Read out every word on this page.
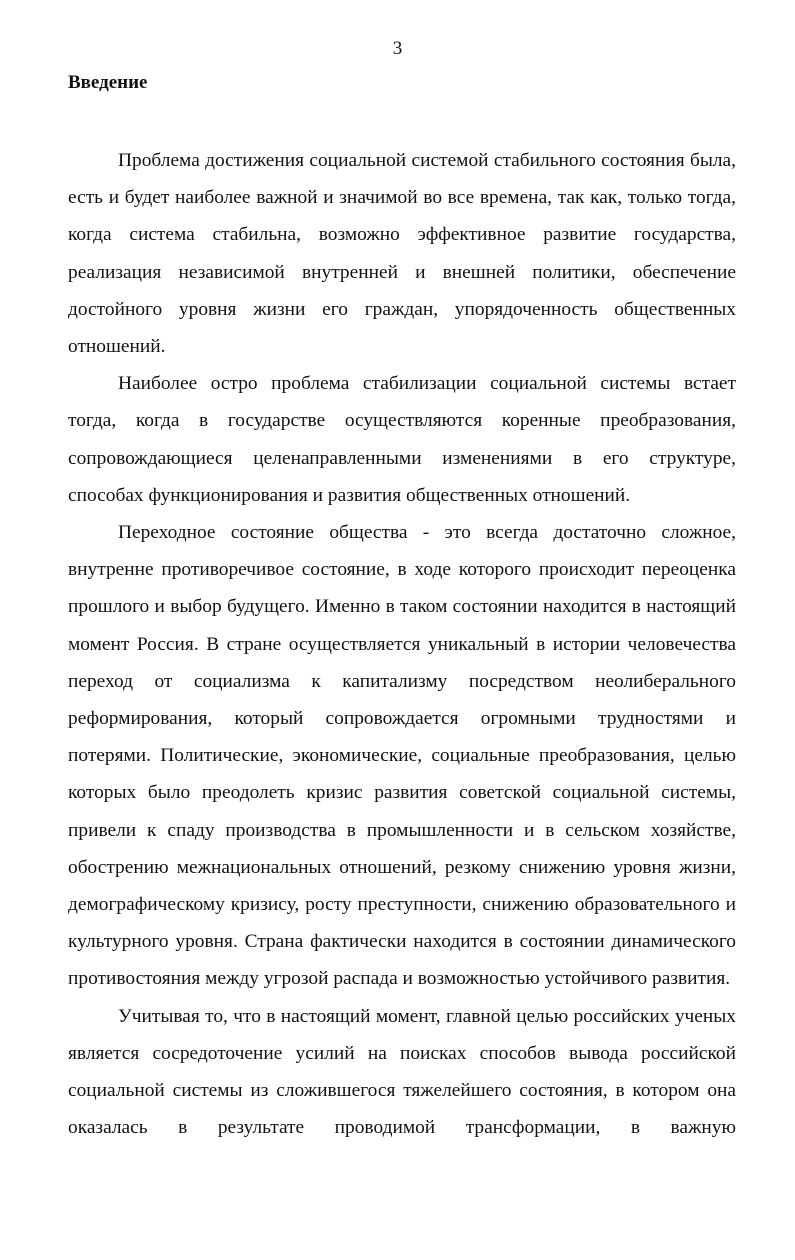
3
Введение

Проблема достижения социальной системой стабильного состояния была, есть и будет наиболее важной и значимой во все времена, так как, только тогда, когда система стабильна, возможно эффективное развитие государства, реализация независимой внутренней и внешней политики, обеспечение достойного уровня жизни его граждан, упорядоченность общественных отношений.

Наиболее остро проблема стабилизации социальной системы встает тогда, когда в государстве осуществляются коренные преобразования, сопровождающиеся целенаправленными изменениями в его структуре, способах функционирования и развития общественных отношений.

Переходное состояние общества - это всегда достаточно сложное, внутренне противоречивое состояние, в ходе которого происходит переоценка прошлого и выбор будущего. Именно в таком состоянии находится в настоящий момент Россия. В стране осуществляется уникальный в истории человечества переход от социализма к капитализму посредством неолиберального реформирования, который сопровождается огромными трудностями и потерями. Политические, экономические, социальные преобразования, целью которых было преодолеть кризис развития советской социальной системы, привели к спаду производства в промышленности и в сельском хозяйстве, обострению межнациональных отношений, резкому снижению уровня жизни, демографическому кризису, росту преступности, снижению образовательного и культурного уровня. Страна фактически находится в состоянии динамического противостояния между угрозой распада и возможностью устойчивого развития.

Учитывая то, что в настоящий момент, главной целью российских ученых является сосредоточение усилий на поисках способов вывода российской социальной системы из сложившегося тяжелейшего состояния, в котором она оказалась в результате проводимой трансформации, в важную
